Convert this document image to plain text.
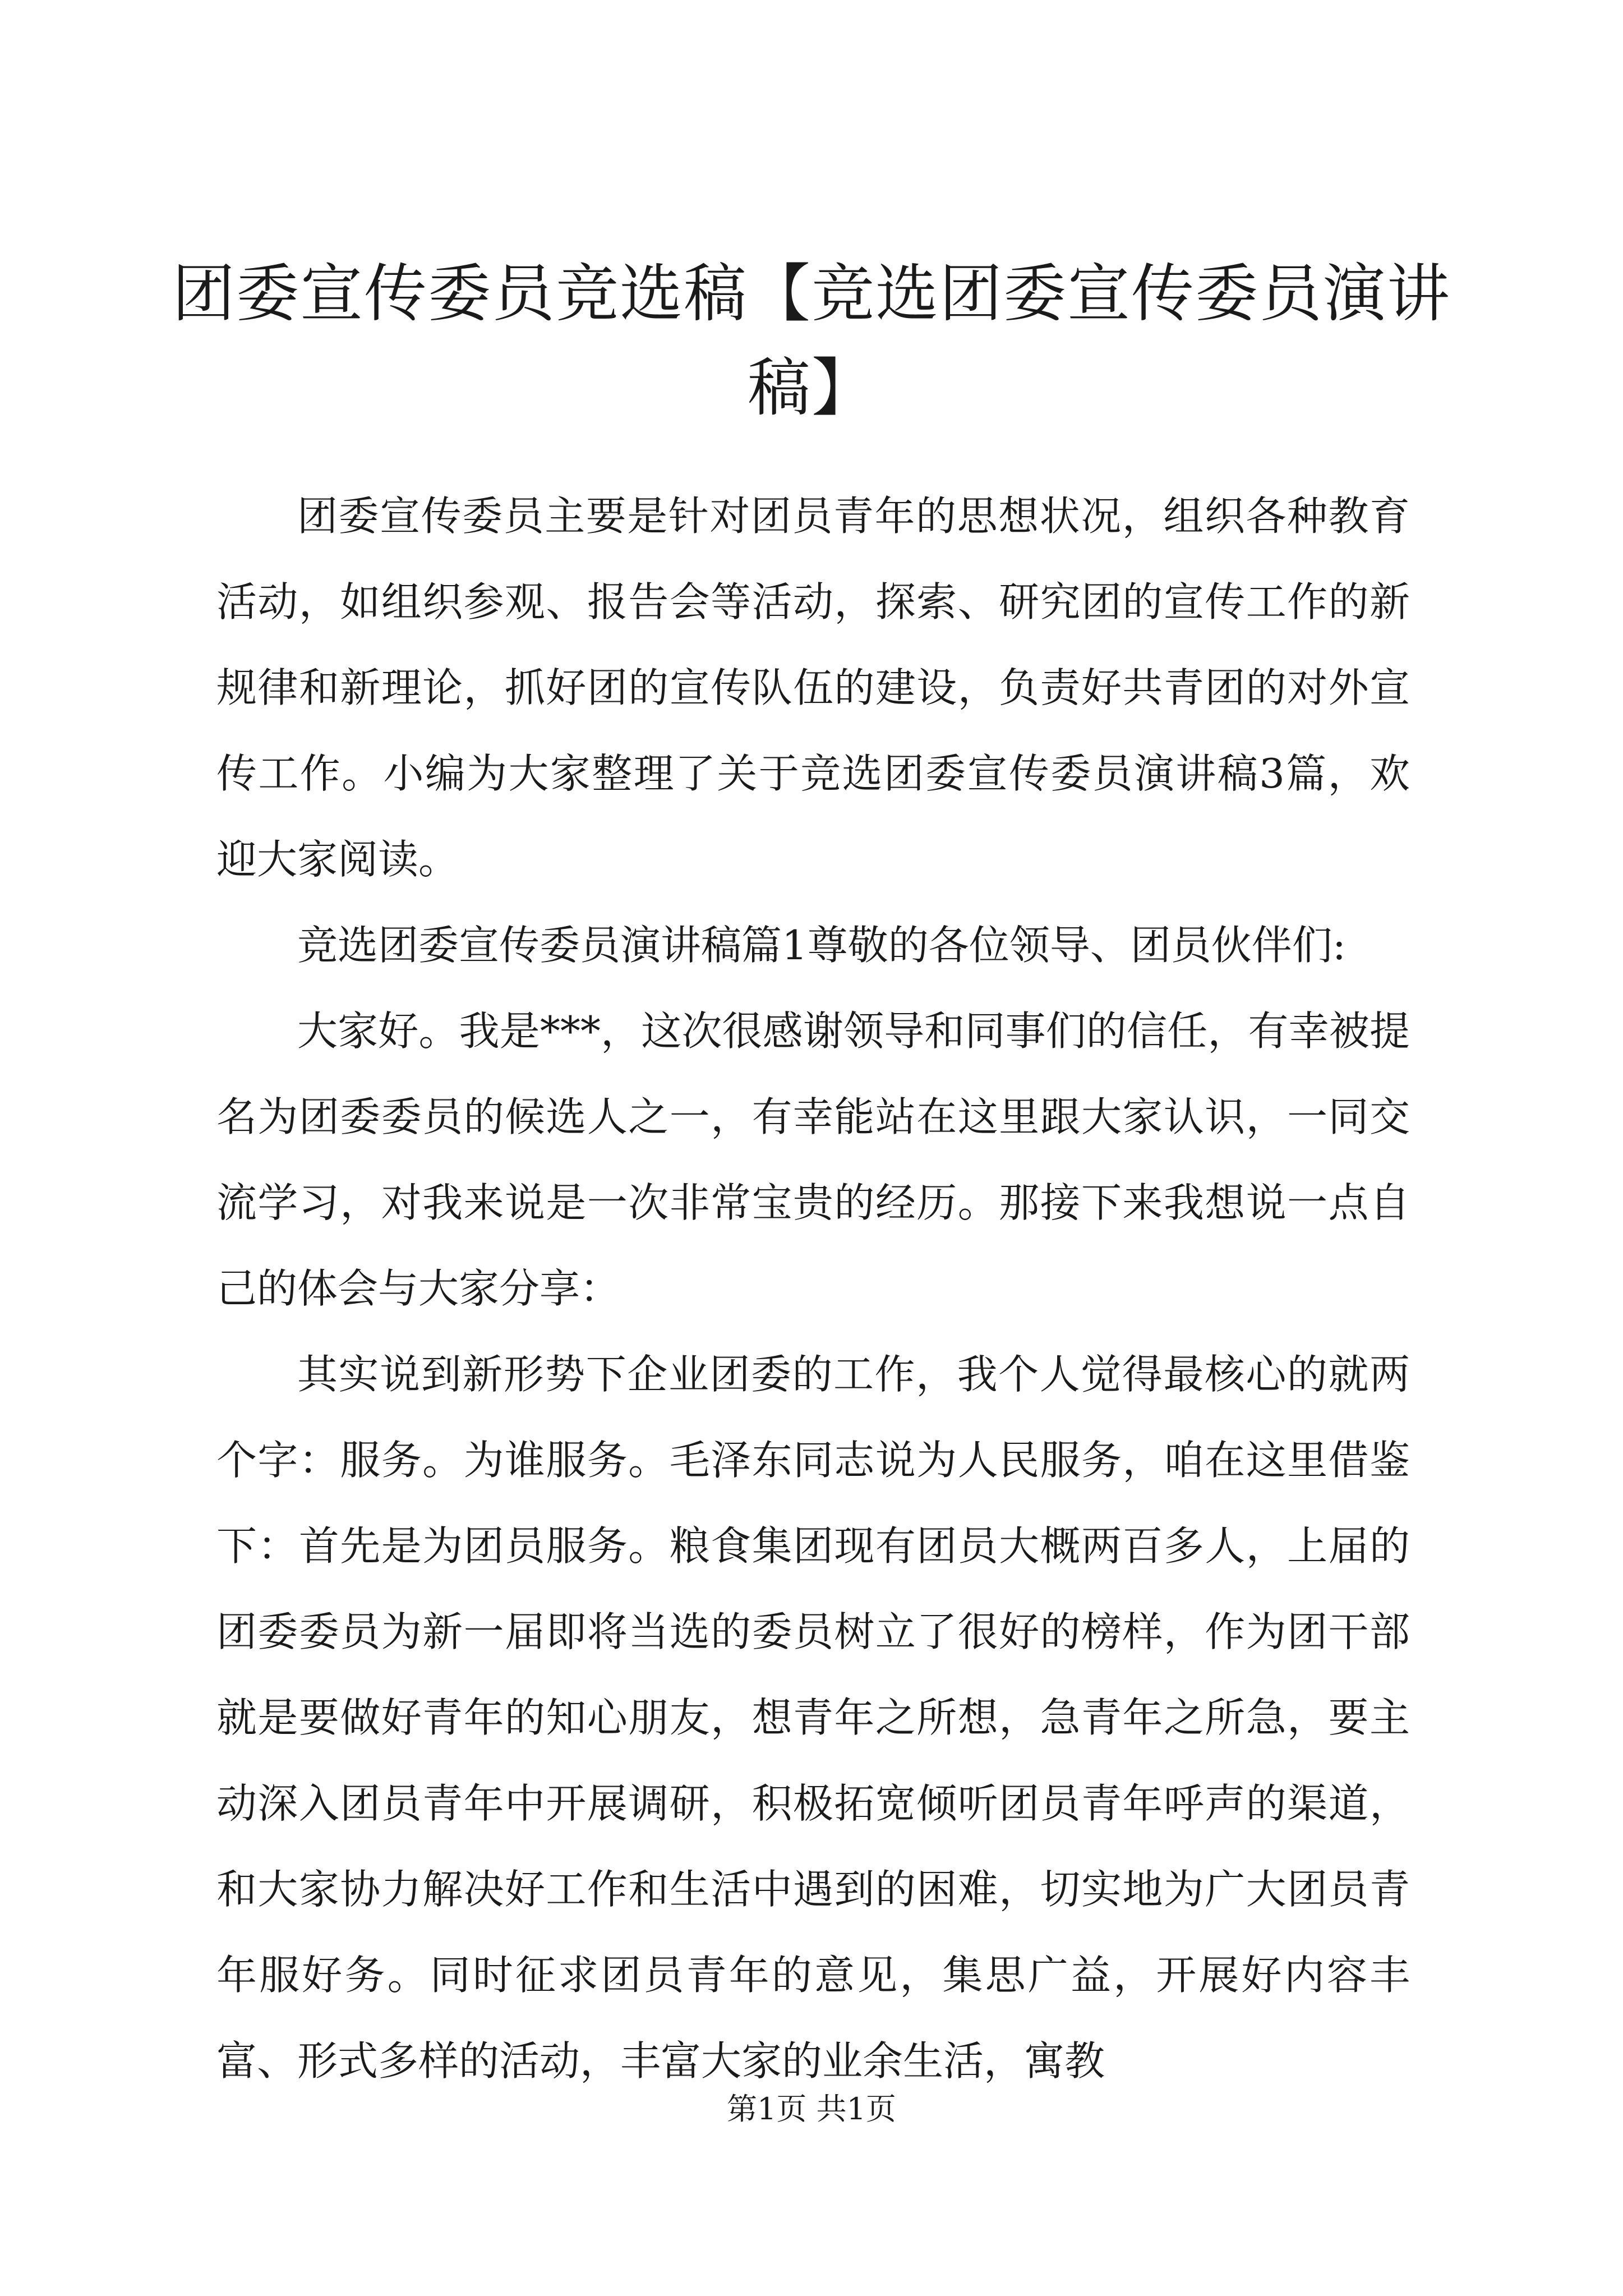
团委宣传委员竞选稿【竞选团委宣传委员演讲稿】

团委宣传委员主要是针对团员青年的思想状况，组织各种教育活动，如组织参观、报告会等活动，探索、研究团的宣传工作的新规律和新理论，抓好团的宣传队伍的建设，负责好共青团的对外宣传工作。小编为大家整理了关于竞选团委宣传委员演讲稿3篇，欢迎大家阅读。

竞选团委宣传委员演讲稿篇1尊敬的各位领导、团员伙伴们:

大家好。我是***，这次很感谢领导和同事们的信任，有幸被提名为团委委员的候选人之一，有幸能站在这里跟大家认识，一同交流学习，对我来说是一次非常宝贵的经历。那接下来我想说一点自己的体会与大家分享：

其实说到新形势下企业团委的工作，我个人觉得最核心的就两个字：服务。为谁服务。毛泽东同志说为人民服务，咱在这里借鉴下：首先是为团员服务。粮食集团现有团员大概两百多人，上届的团委委员为新一届即将当选的委员树立了很好的榜样，作为团干部就是要做好青年的知心朋友，想青年之所想，急青年之所急，要主动深入团员青年中开展调研，积极拓宽倾听团员青年呼声的渠道，和大家协力解决好工作和生活中遇到的困难，切实地为广大团员青年服好务。同时征求团员青年的意见，集思广益，开展好内容丰富、形式多样的活动，丰富大家的业余生活，寓教

第1页 共1页
